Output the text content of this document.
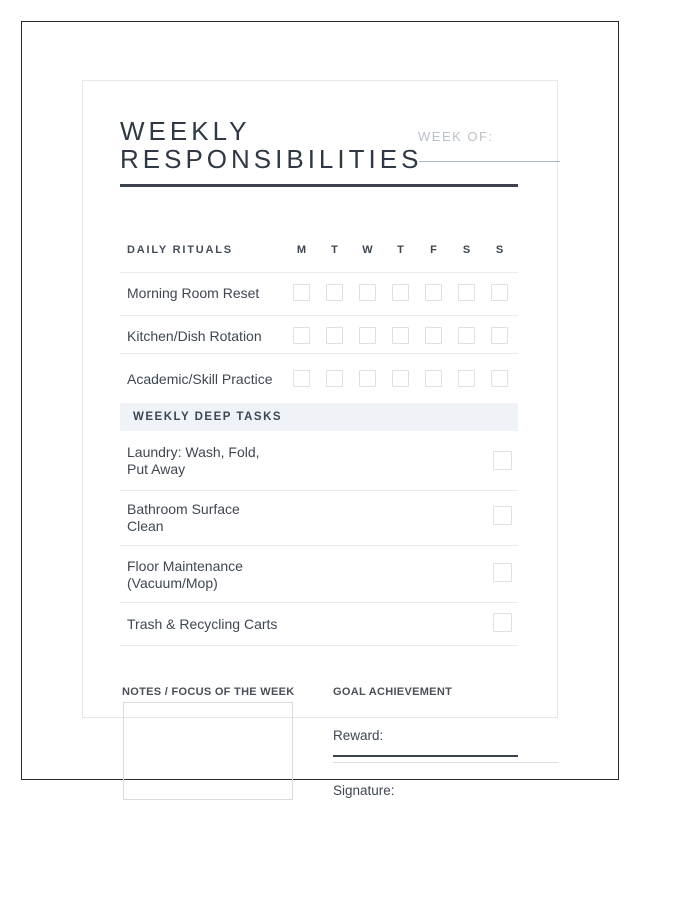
WEEKLY
RESPONSIBILITIES
WEEK OF:
DAILY RITUALS	M	T	W	T	F	S	S
Morning Room Reset
Kitchen/Dish Rotation
Academic/Skill Practice
WEEKLY DEEP TASKS
Laundry: Wash, Fold,
Put Away
Bathroom Surface
Clean
Floor Maintenance
(Vacuum/Mop)
Trash & Recycling Carts
NOTES / FOCUS OF THE WEEK	GOAL ACHIEVEMENT
Reward:
Signature:
